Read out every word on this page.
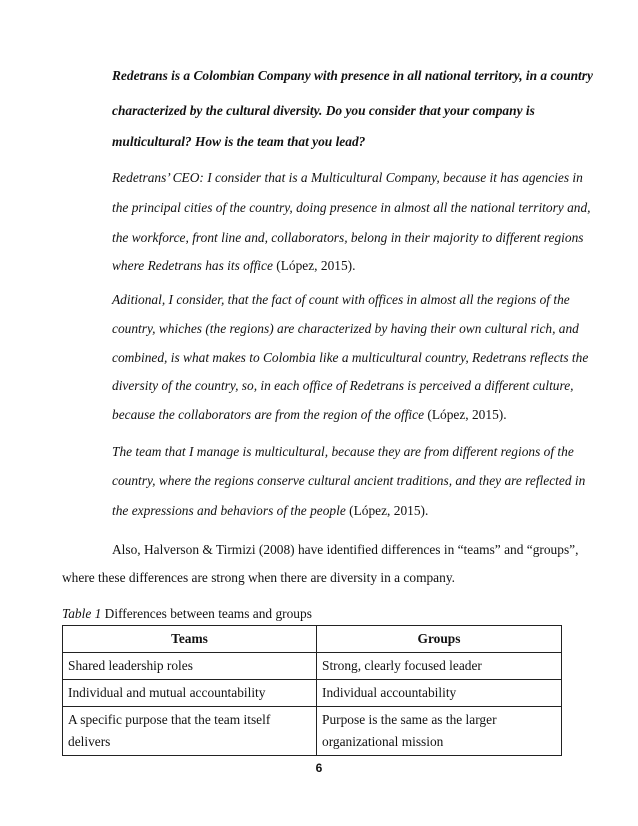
Redetrans is a Colombian Company with presence in all national territory, in a country
characterized by the cultural diversity. Do you consider that your company is
multicultural? How is the team that you lead?
Redetrans’ CEO: I consider that is a Multicultural Company, because it has agencies in
the principal cities of the country, doing presence in almost all the national territory and,
the workforce, front line and, collaborators, belong in their majority to different regions
where Redetrans has its office (López, 2015).
Aditional, I consider, that the fact of count with offices in almost all the regions of the
country, whiches (the regions) are characterized by having their own cultural rich, and
combined, is what makes to Colombia like a multicultural country, Redetrans reflects the
diversity of the country, so, in each office of Redetrans is perceived a different culture,
because the collaborators are from the region of the office (López, 2015).
The team that I manage is multicultural, because they are from different regions of the
country, where the regions conserve cultural ancient traditions, and they are reflected in
the expressions and behaviors of the people (López, 2015).
Also, Halverson & Tirmizi (2008) have identified differences in “teams” and “groups”,
where these differences are strong when there are diversity in a company.
Table 1 Differences between teams and groups
Teams	Groups
Shared leadership roles	Strong, clearly focused leader
Individual and mutual accountability	Individual accountability
A specific purpose that the team itself delivers	Purpose is the same as the larger
organizational mission
6
